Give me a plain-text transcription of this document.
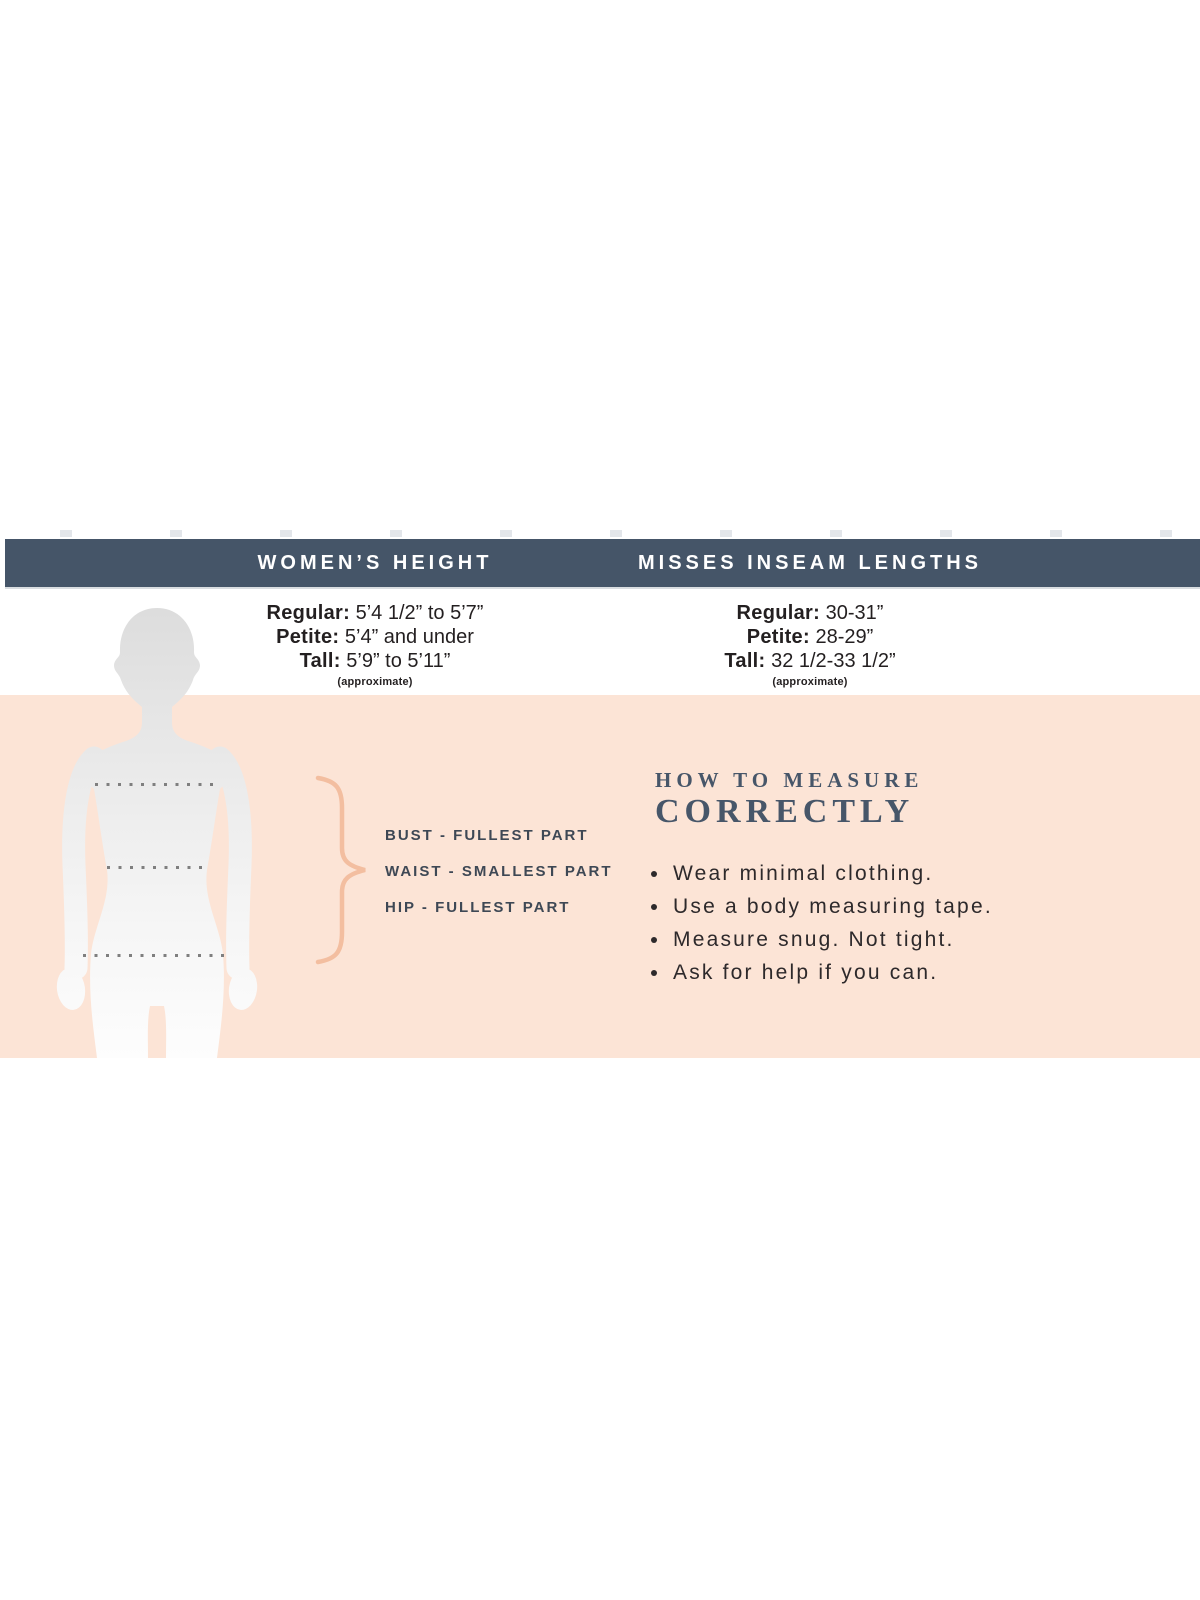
WOMEN’S HEIGHT	MISSES INSEAM LENGTHS
Regular: 5’4 1/2” to 5’7”
Petite: 5’4” and under
Tall: 5’9” to 5’11”
(approximate)
Regular: 30-31”
Petite: 28-29”
Tall: 32 1/2-33 1/2”
(approximate)
BUST - FULLEST PART
WAIST - SMALLEST PART
HIP - FULLEST PART
HOW TO MEASURE
CORRECTLY
Wear minimal clothing.
Use a body measuring tape.
Measure snug. Not tight.
Ask for help if you can.
